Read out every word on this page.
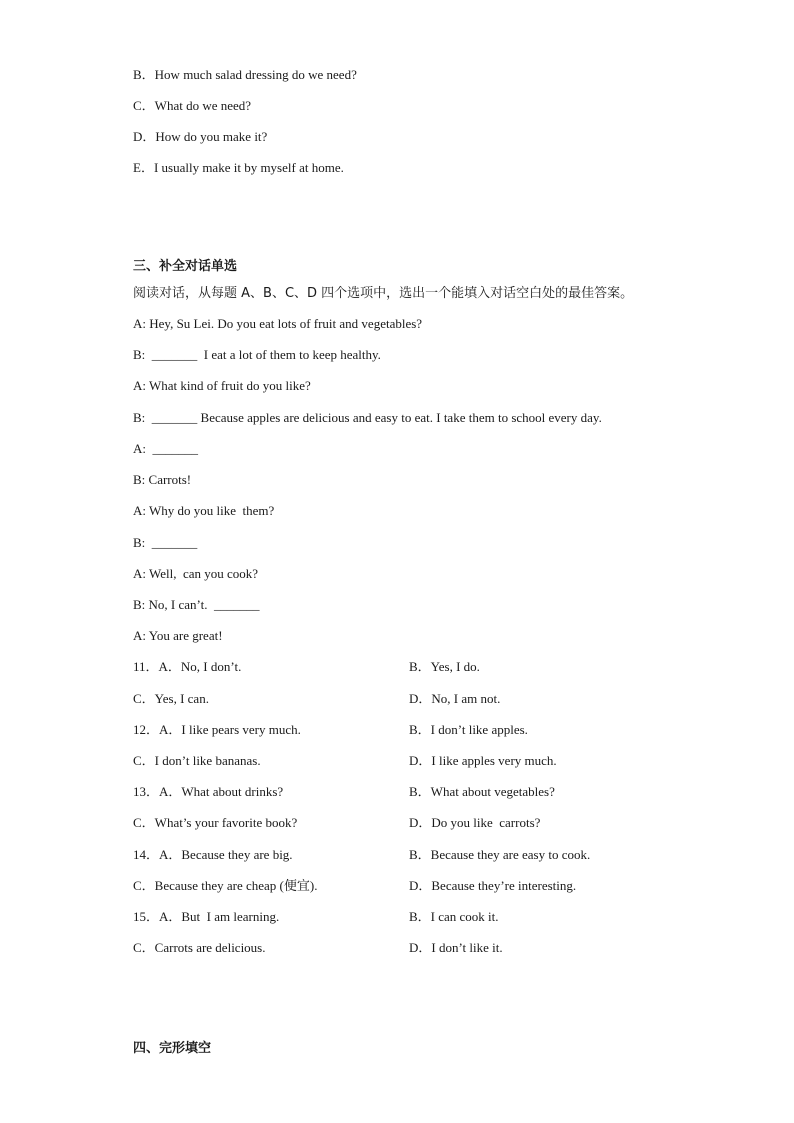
B．How much salad dressing do we need?
C．What do we need?
D．How do you make it?
E．I usually make it by myself at home.
三、补全对话单选
阅读对话，从每题 A、B、C、D 四个选项中，选出一个能填入对话空白处的最佳答案。
A: Hey, Su Lei. Do you eat lots of fruit and vegetables?
B:  _______  I eat a lot of them to keep healthy.
A: What kind of fruit do you like?
B:  _______ Because apples are delicious and easy to eat. I take them to school every day.
A:  _______
B: Carrots!
A: Why do you like  them?
B:  _______
A: Well,  can you cook?
B: No, I can’t.  _______
A: You are great!
11．A．No, I don’t.	B．Yes, I do.
C．Yes, I can.	D．No, I am not.
12．A．I like pears very much.	B．I don’t like apples.
C．I don’t like bananas.	D．I like apples very much.
13．A．What about drinks?	B．What about vegetables?
C．What’s your favorite book?	D．Do you like  carrots?
14．A．Because they are big.	B．Because they are easy to cook.
C．Because they are cheap (便宜).	D．Because they’re interesting.
15．A．But  I am learning.	B．I can cook it.
C．Carrots are delicious.	D．I don’t like it.
四、完形填空
